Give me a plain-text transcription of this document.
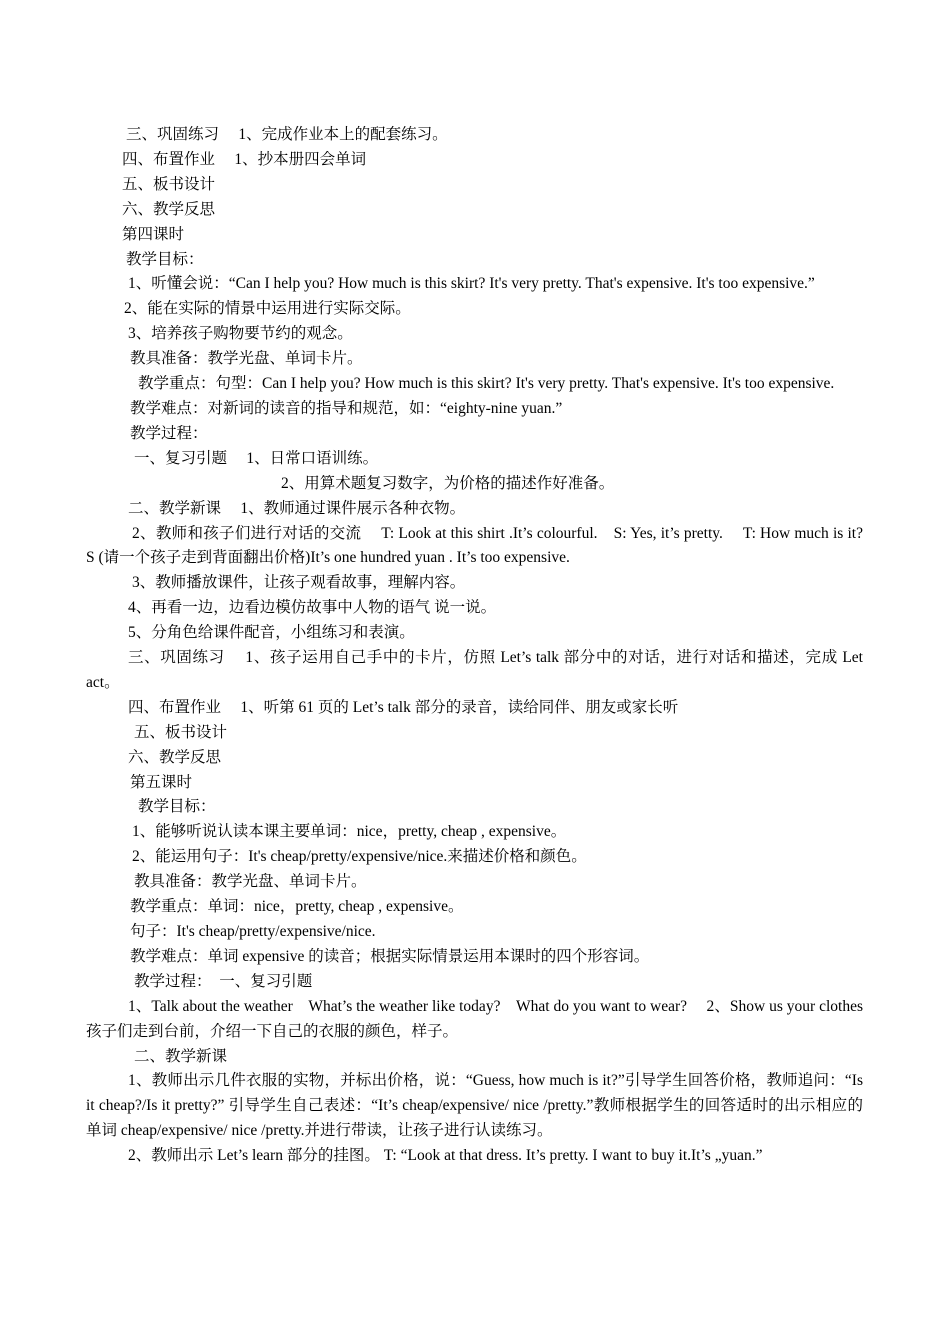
三、巩固练习　 1、完成作业本上的配套练习。

四、布置作业　 1、抄本册四会单词

五、板书设计

六、教学反思

第四课时

教学目标：

1、听懂会说：“Can I help you? How much is this skirt? It's very pretty. That's expensive. It's too expensive.”

2、能在实际的情景中运用进行实际交际。

3、培养孩子购物要节约的观念。

教具准备：教学光盘、单词卡片。

教学重点：句型：Can I help you? How much is this skirt? It's very pretty. That's expensive. It's too expensive.

教学难点：对新词的读音的指导和规范，如：“eighty-nine yuan.”

教学过程：

一、复习引题　 1、日常口语训练。

2、用算术题复习数字，为价格的描述作好准备。

二、教学新课　 1、教师通过课件展示各种衣物。

2、教师和孩子们进行对话的交流　 T: Look at this shirt .It’s colourful.　S: Yes, it’s pretty.　 T: How much is it?　 S (请一个孩子走到背面翻出价格)It’s one hundred yuan . It’s too expensive.

3、教师播放课件，让孩子观看故事，理解内容。

4、再看一边，边看边模仿故事中人物的语气 说一说。

5、分角色给课件配音，小组练习和表演。

三、巩固练习　 1、孩子运用自己手中的卡片，仿照 Let’s talk 部分中的对话，进行对话和描述，完成 Let act。

四、布置作业　 1、听第 61 页的 Let’s talk 部分的录音，读给同伴、朋友或家长听

五、板书设计

六、教学反思

第五课时

教学目标：

1、能够听说认读本课主要单词：nice，pretty, cheap , expensive。

2、能运用句子：It's cheap/pretty/expensive/nice.来描述价格和颜色。

教具准备：教学光盘、单词卡片。

教学重点：单词：nice，pretty, cheap , expensive。

句子：It's cheap/pretty/expensive/nice.

教学难点：单词 expensive 的读音；根据实际情景运用本课时的四个形容词。

教学过程：　一、复习引题

1、Talk about the weather　What’s the weather like today?　What do you want to wear?　 2、Show us your clothes 孩子们走到台前，介绍一下自己的衣服的颜色，样子。

二、教学新课

1、教师出示几件衣服的实物，并标出价格，说：“Guess, how much is it?”引导学生回答价格，教师追问：“Is it cheap?/Is it pretty?” 引导学生自己表述：“It’s cheap/expensive/ nice /pretty.”教师根据学生的回答适时的出示相应的单词 cheap/expensive/ nice /pretty.并进行带读，让孩子进行认读练习。

2、教师出示 Let’s learn 部分的挂图。 T: “Look at that dress. It’s pretty. I want to buy it.It’s „yuan.”
